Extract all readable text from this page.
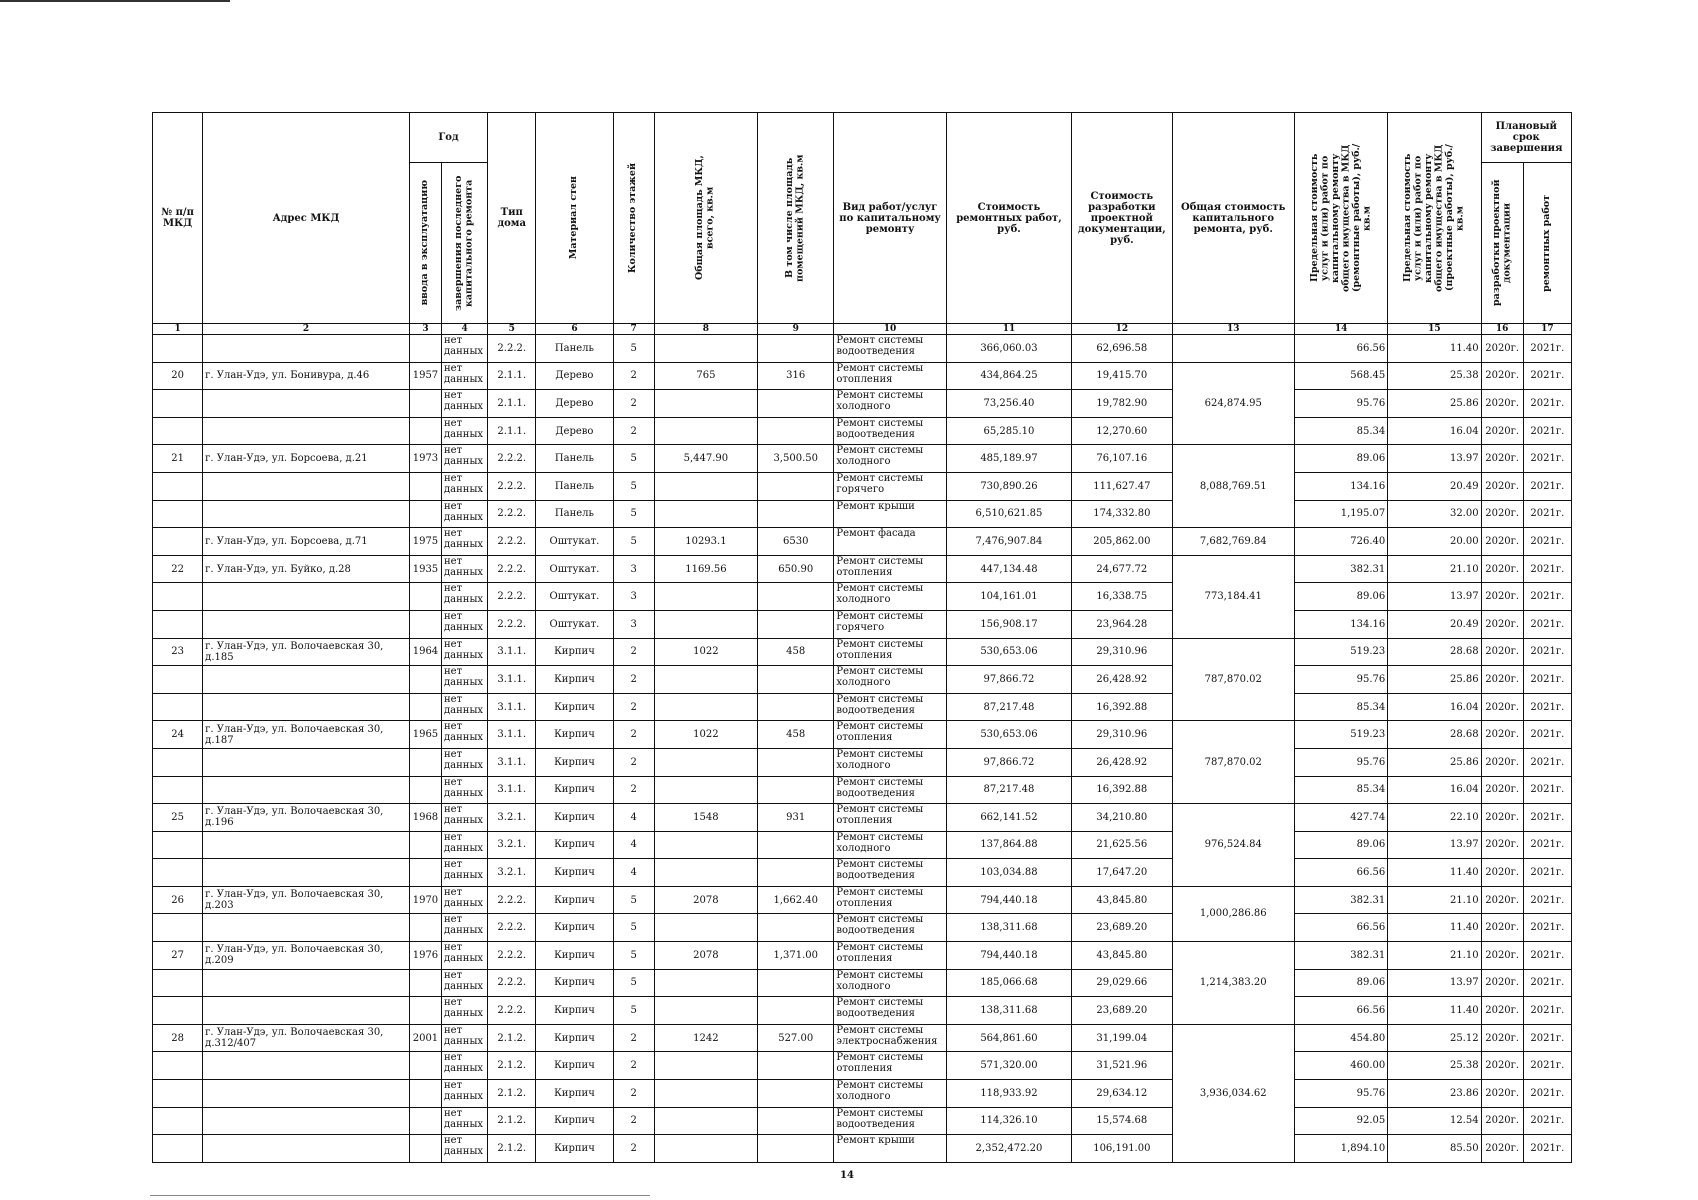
№ п/п МКД	Адрес МКД	Год		Тип дома	Материал стен	Количество этажей	Общая площадь МКД, всего, кв.м	В том числе площадь помещений МКД, кв.м	Вид работ/услуг по капитальному ремонту	Стоимость ремонтных работ, руб.	Стоимость разработки проектной документации, руб.	Общая стоимость капитального ремонта, руб.	Предельная стоимость услуг и (или) работ по капитальному ремонту общего имущества в МКД (ремонтные работы), руб./кв.м	Предельная стоимость услуг и (или) работ по капитальному ремонту общего имущества в МКД (проектные работы), руб./кв.м	Плановый срок завершения	

		ввода в эксплуатацию	завершения последнего капитального ремонта												разработки проектной документации	ремонтных работ

1	2	3	4	5	6	7	8	9	10	11	12	13	14	15	16	17
			нет данных	2.2.2.	Панель	5			Ремонт системы водоотведения	366,060.03	62,696.58		66.56	11.40	2020г.	2021г.
20	г. Улан-Удэ, ул. Бонивура, д.46	1957	нет данных	2.1.1.	Дерево	2	765	316	Ремонт системы отопления	434,864.25	19,415.70	624,874.95	568.45	25.38	2020г.	2021г.
			нет данных	2.1.1.	Дерево	2			Ремонт системы холодного	73,256.40	19,782.90		95.76	25.86	2020г.	2021г.
			нет данных	2.1.1.	Дерево	2			Ремонт системы водоотведения	65,285.10	12,270.60		85.34	16.04	2020г.	2021г.
21	г. Улан-Удэ, ул. Борсоева, д.21	1973	нет данных	2.2.2.	Панель	5	5,447.90	3,500.50	Ремонт системы холодного	485,189.97	76,107.16	8,088,769.51	89.06	13.97	2020г.	2021г.
			нет данных	2.2.2.	Панель	5			Ремонт системы горячего	730,890.26	111,627.47		134.16	20.49	2020г.	2021г.
			нет данных	2.2.2.	Панель	5			Ремонт крыши	6,510,621.85	174,332.80		1,195.07	32.00	2020г.	2021г.
	г. Улан-Удэ, ул. Борсоева, д.71	1975	нет данных	2.2.2.	Оштукат.	5	10293.1	6530	Ремонт фасада	7,476,907.84	205,862.00	7,682,769.84	726.40	20.00	2020г.	2021г.
22	г. Улан-Удэ, ул. Буйко, д.28	1935	нет данных	2.2.2.	Оштукат.	3	1169.56	650.90	Ремонт системы отопления	447,134.48	24,677.72	773,184.41	382.31	21.10	2020г.	2021г.
			нет данных	2.2.2.	Оштукат.	3			Ремонт системы холодного	104,161.01	16,338.75		89.06	13.97	2020г.	2021г.
			нет данных	2.2.2.	Оштукат.	3			Ремонт системы горячего	156,908.17	23,964.28		134.16	20.49	2020г.	2021г.
23	г. Улан-Удэ, ул. Волочаевская 30, д.185	1964	нет данных	3.1.1.	Кирпич	2	1022	458	Ремонт системы отопления	530,653.06	29,310.96	787,870.02	519.23	28.68	2020г.	2021г.
			нет данных	3.1.1.	Кирпич	2			Ремонт системы холодного	97,866.72	26,428.92		95.76	25.86	2020г.	2021г.
			нет данных	3.1.1.	Кирпич	2			Ремонт системы водоотведения	87,217.48	16,392.88		85.34	16.04	2020г.	2021г.
24	г. Улан-Удэ, ул. Волочаевская 30, д.187	1965	нет данных	3.1.1.	Кирпич	2	1022	458	Ремонт системы отопления	530,653.06	29,310.96	787,870.02	519.23	28.68	2020г.	2021г.
			нет данных	3.1.1.	Кирпич	2			Ремонт системы холодного	97,866.72	26,428.92		95.76	25.86	2020г.	2021г.
			нет данных	3.1.1.	Кирпич	2			Ремонт системы водоотведения	87,217.48	16,392.88		85.34	16.04	2020г.	2021г.
25	г. Улан-Удэ, ул. Волочаевская 30, д.196	1968	нет данных	3.2.1.	Кирпич	4	1548	931	Ремонт системы отопления	662,141.52	34,210.80	976,524.84	427.74	22.10	2020г.	2021г.
			нет данных	3.2.1.	Кирпич	4			Ремонт системы холодного	137,864.88	21,625.56		89.06	13.97	2020г.	2021г.
			нет данных	3.2.1.	Кирпич	4			Ремонт системы водоотведения	103,034.88	17,647.20		66.56	11.40	2020г.	2021г.
26	г. Улан-Удэ, ул. Волочаевская 30, д.203	1970	нет данных	2.2.2.	Кирпич	5	2078	1,662.40	Ремонт системы отопления	794,440.18	43,845.80	1,000,286.86	382.31	21.10	2020г.	2021г.
			нет данных	2.2.2.	Кирпич	5			Ремонт системы водоотведения	138,311.68	23,689.20		66.56	11.40	2020г.	2021г.
27	г. Улан-Удэ, ул. Волочаевская 30, д.209	1976	нет данных	2.2.2.	Кирпич	5	2078	1,371.00	Ремонт системы отопления	794,440.18	43,845.80	1,214,383.20	382.31	21.10	2020г.	2021г.
			нет данных	2.2.2.	Кирпич	5			Ремонт системы холодного	185,066.68	29,029.66		89.06	13.97	2020г.	2021г.
			нет данных	2.2.2.	Кирпич	5			Ремонт системы водоотведения	138,311.68	23,689.20		66.56	11.40	2020г.	2021г.
28	г. Улан-Удэ, ул. Волочаевская 30, д.312/407	2001	нет данных	2.1.2.	Кирпич	2	1242	527.00	Ремонт системы электроснабжения	564,861.60	31,199.04	3,936,034.62	454.80	25.12	2020г.	2021г.
			нет данных	2.1.2.	Кирпич	2			Ремонт системы отопления	571,320.00	31,521.96		460.00	25.38	2020г.	2021г.
			нет данных	2.1.2.	Кирпич	2			Ремонт системы холодного	118,933.92	29,634.12		95.76	23.86	2020г.	2021г.
			нет данных	2.1.2.	Кирпич	2			Ремонт системы водоотведения	114,326.10	15,574.68		92.05	12.54	2020г.	2021г.
			нет данных	2.1.2.	Кирпич	2			Ремонт крыши	2,352,472.20	106,191.00		1,894.10	85.50	2020г.	2021г.
14
